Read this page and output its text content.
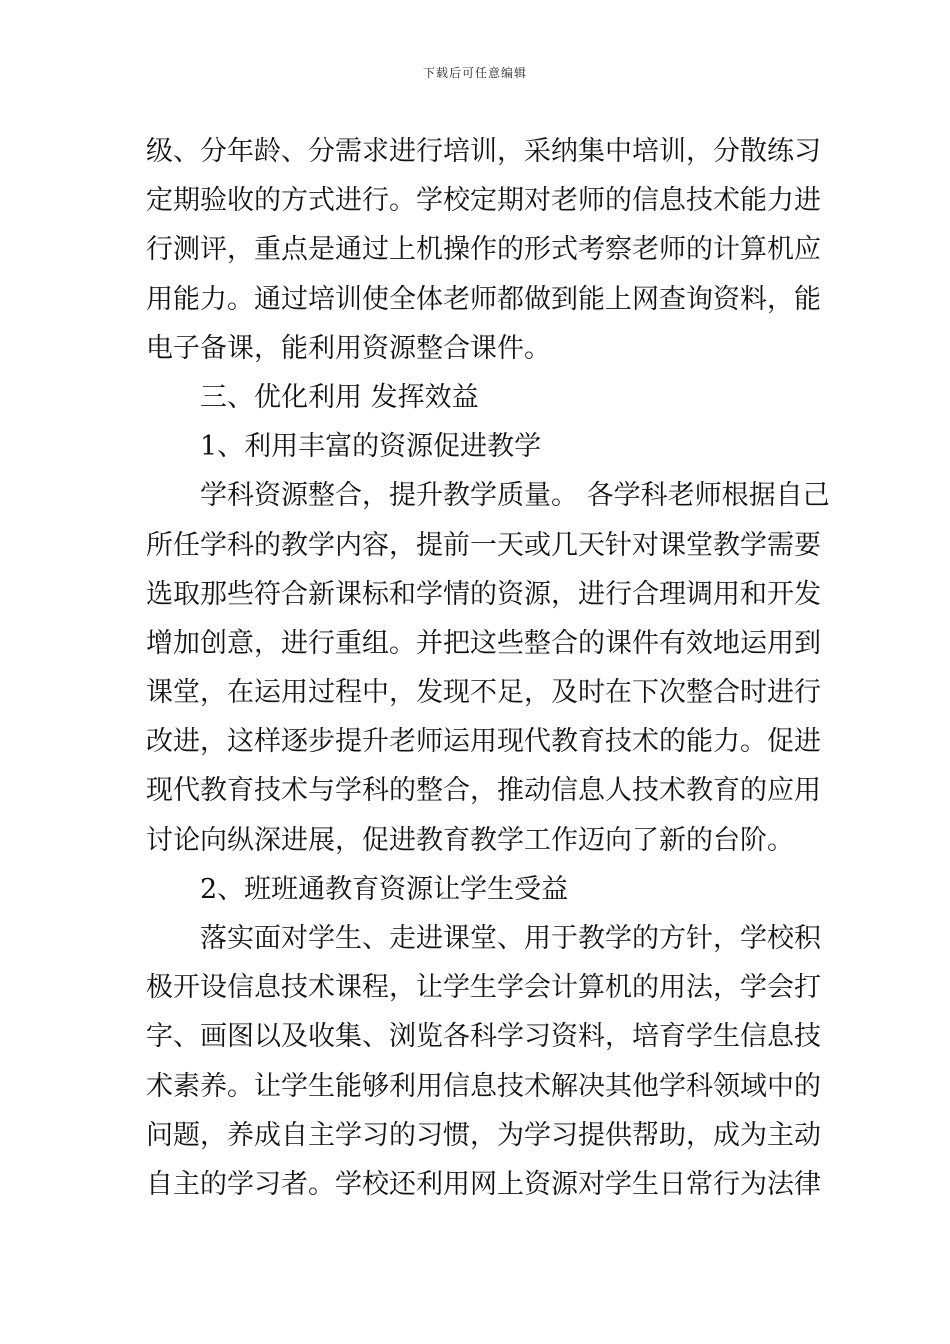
下载后可任意编辑
级、分年龄、分需求进行培训，采纳集中培训，分散练习
定期验收的方式进行。学校定期对老师的信息技术能力进
行测评，重点是通过上机操作的形式考察老师的计算机应
用能力。通过培训使全体老师都做到能上网查询资料，能
电子备课，能利用资源整合课件。
三、优化利用 发挥效益
1、利用丰富的资源促进教学
学科资源整合，提升教学质量。 各学科老师根据自己
所任学科的教学内容，提前一天或几天针对课堂教学需要
选取那些符合新课标和学情的资源，进行合理调用和开发
增加创意，进行重组。并把这些整合的课件有效地运用到
课堂，在运用过程中，发现不足，及时在下次整合时进行
改进，这样逐步提升老师运用现代教育技术的能力。促进
现代教育技术与学科的整合，推动信息人技术教育的应用
讨论向纵深进展，促进教育教学工作迈向了新的台阶。
2、班班通教育资源让学生受益
落实面对学生、走进课堂、用于教学的方针，学校积
极开设信息技术课程，让学生学会计算机的用法，学会打
字、画图以及收集、浏览各科学习资料，培育学生信息技
术素养。让学生能够利用信息技术解决其他学科领域中的
问题，养成自主学习的习惯，为学习提供帮助，成为主动
自主的学习者。学校还利用网上资源对学生日常行为法律
